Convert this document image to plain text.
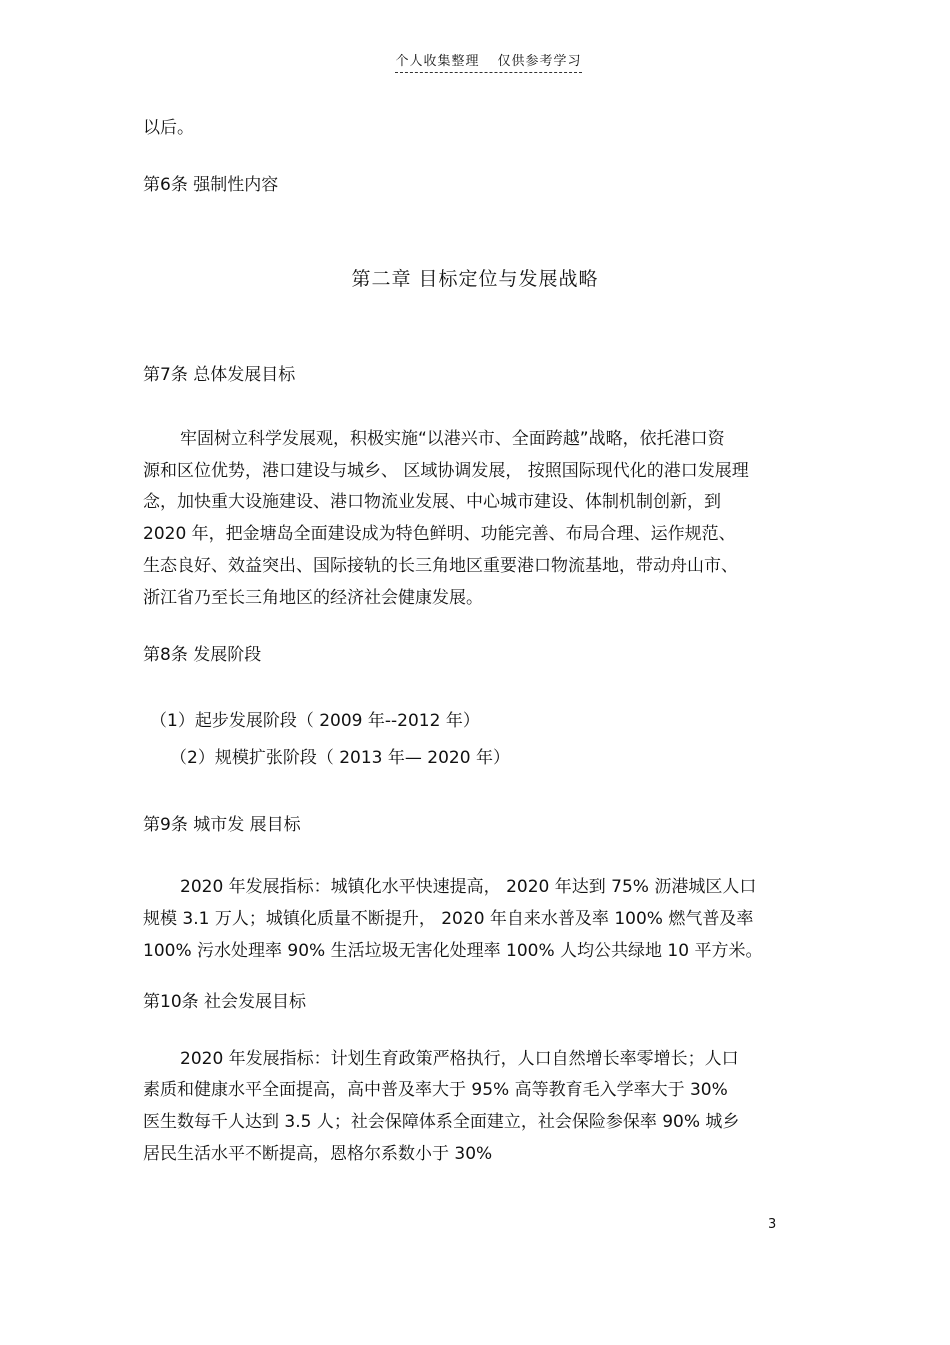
个人收集整理 仅供参考学习
以后。
第6条 强制性内容
第二章 目标定位与发展战略
第7条 总体发展目标
牢固树立科学发展观，积极实施“以港兴市、全面跨越”战略，依托港口资
源和区位优势，港口建设与城乡、 区域协调发展， 按照国际现代化的港口发展理
念，加快重大设施建设、港口物流业发展、中心城市建设、体制机制创新，到
2020 年，把金塘岛全面建设成为特色鲜明、功能完善、布局合理、运作规范、
生态良好、效益突出、国际接轨的长三角地区重要港口物流基地，带动舟山市、
浙江省乃至长三角地区的经济社会健康发展。
第8条 发展阶段
（1）起步发展阶段（ 2009 年--2012 年）
（2）规模扩张阶段（ 2013 年— 2020 年）
第9条 城市发 展目标
2020 年发展指标：城镇化水平快速提高， 2020 年达到 75% 沥港城区人口
规模 3.1 万人；城镇化质量不断提升， 2020 年自来水普及率 100% 燃气普及率
100% 污水处理率 90% 生活垃圾无害化处理率 100% 人均公共绿地 10 平方米。
第10条 社会发展目标
2020 年发展指标：计划生育政策严格执行，人口自然增长率零增长；人口
素质和健康水平全面提高，高中普及率大于 95% 高等教育毛入学率大于 30%
医生数每千人达到 3.5 人；社会保障体系全面建立，社会保险参保率 90% 城乡
居民生活水平不断提高，恩格尔系数小于 30%
3
